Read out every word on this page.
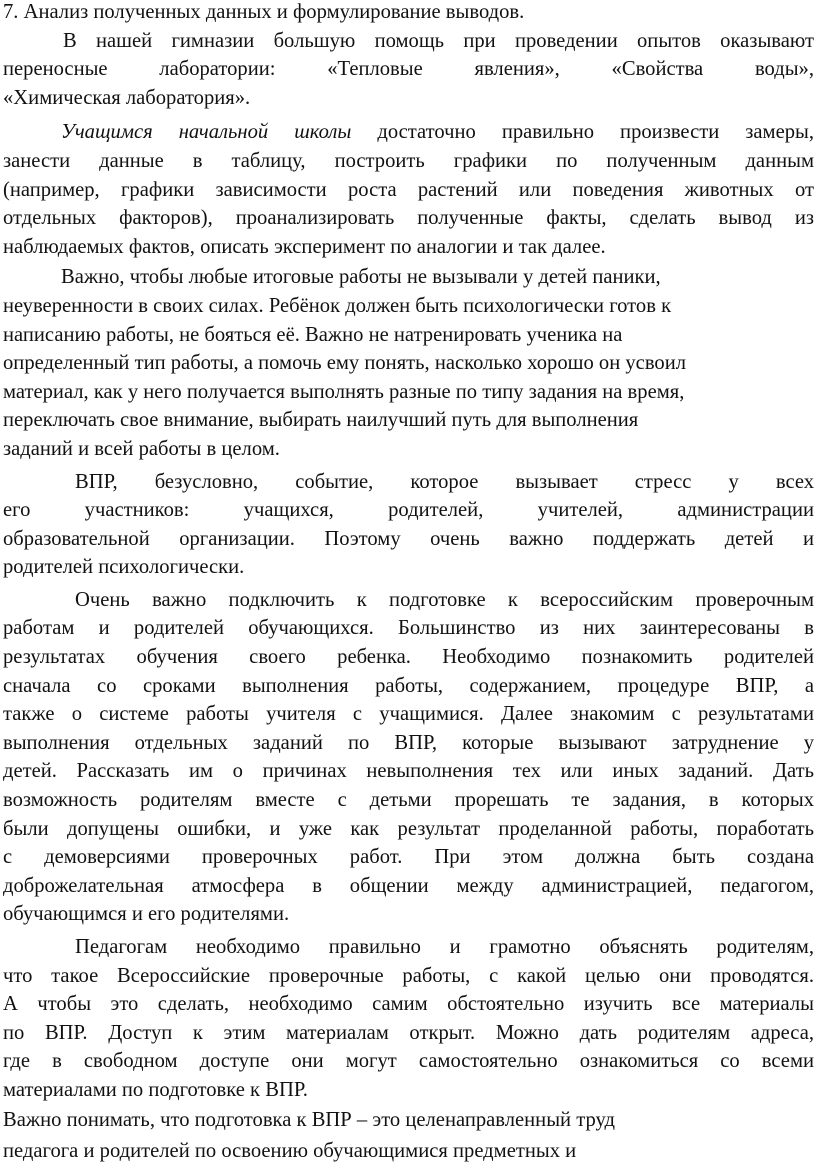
7. Анализ полученных данных и формулирование выводов.
В нашей гимназии большую помощь при проведении опытов оказывают
переносные лаборатории: «Тепловые явления», «Свойства воды»,
«Химическая лаборатория».
Учащимся начальной школы достаточно правильно произвести замеры,
занести данные в таблицу, построить графики по полученным данным
(например, графики зависимости роста растений или поведения животных от
отдельных факторов), проанализировать полученные факты, сделать вывод из
наблюдаемых фактов, описать эксперимент по аналогии и так далее.
Важно, чтобы любые итоговые работы не вызывали у детей паники,
неуверенности в своих силах. Ребёнок должен быть психологически готов к
написанию работы, не бояться её. Важно не натренировать ученика на
определенный тип работы, а помочь ему понять, насколько хорошо он усвоил
материал, как у него получается выполнять разные по типу задания на время,
переключать свое внимание, выбирать наилучший путь для выполнения
заданий и всей работы в целом.
ВПР, безусловно, событие, которое вызывает стресс у всех
его участников: учащихся, родителей, учителей, администрации
образовательной организации. Поэтому очень важно поддержать детей и
родителей психологически.
Очень важно подключить к подготовке к всероссийским проверочным
работам и родителей обучающихся. Большинство из них заинтересованы в
результатах обучения своего ребенка. Необходимо познакомить родителей
сначала со сроками выполнения работы, содержанием, процедуре ВПР, а
также о системе работы учителя с учащимися. Далее знакомим с результатами
выполнения отдельных заданий по ВПР, которые вызывают затруднение у
детей. Рассказать им о причинах невыполнения тех или иных заданий. Дать
возможность родителям вместе с детьми прорешать те задания, в которых
были допущены ошибки, и уже как результат проделанной работы, поработать
с демоверсиями проверочных работ. При этом должна быть создана
доброжелательная атмосфера в общении между администрацией, педагогом,
обучающимся и его родителями.
Педагогам необходимо правильно и грамотно объяснять родителям,
что такое Всероссийские проверочные работы, с какой целью они проводятся.
А чтобы это сделать, необходимо самим обстоятельно изучить все материалы
по ВПР. Доступ к этим материалам открыт. Можно дать родителям адреса,
где в свободном доступе они могут самостоятельно ознакомиться со всеми
материалами по подготовке к ВПР.
Важно понимать, что подготовка к ВПР – это целенаправленный труд
педагога и родителей по освоению обучающимися предметных и
